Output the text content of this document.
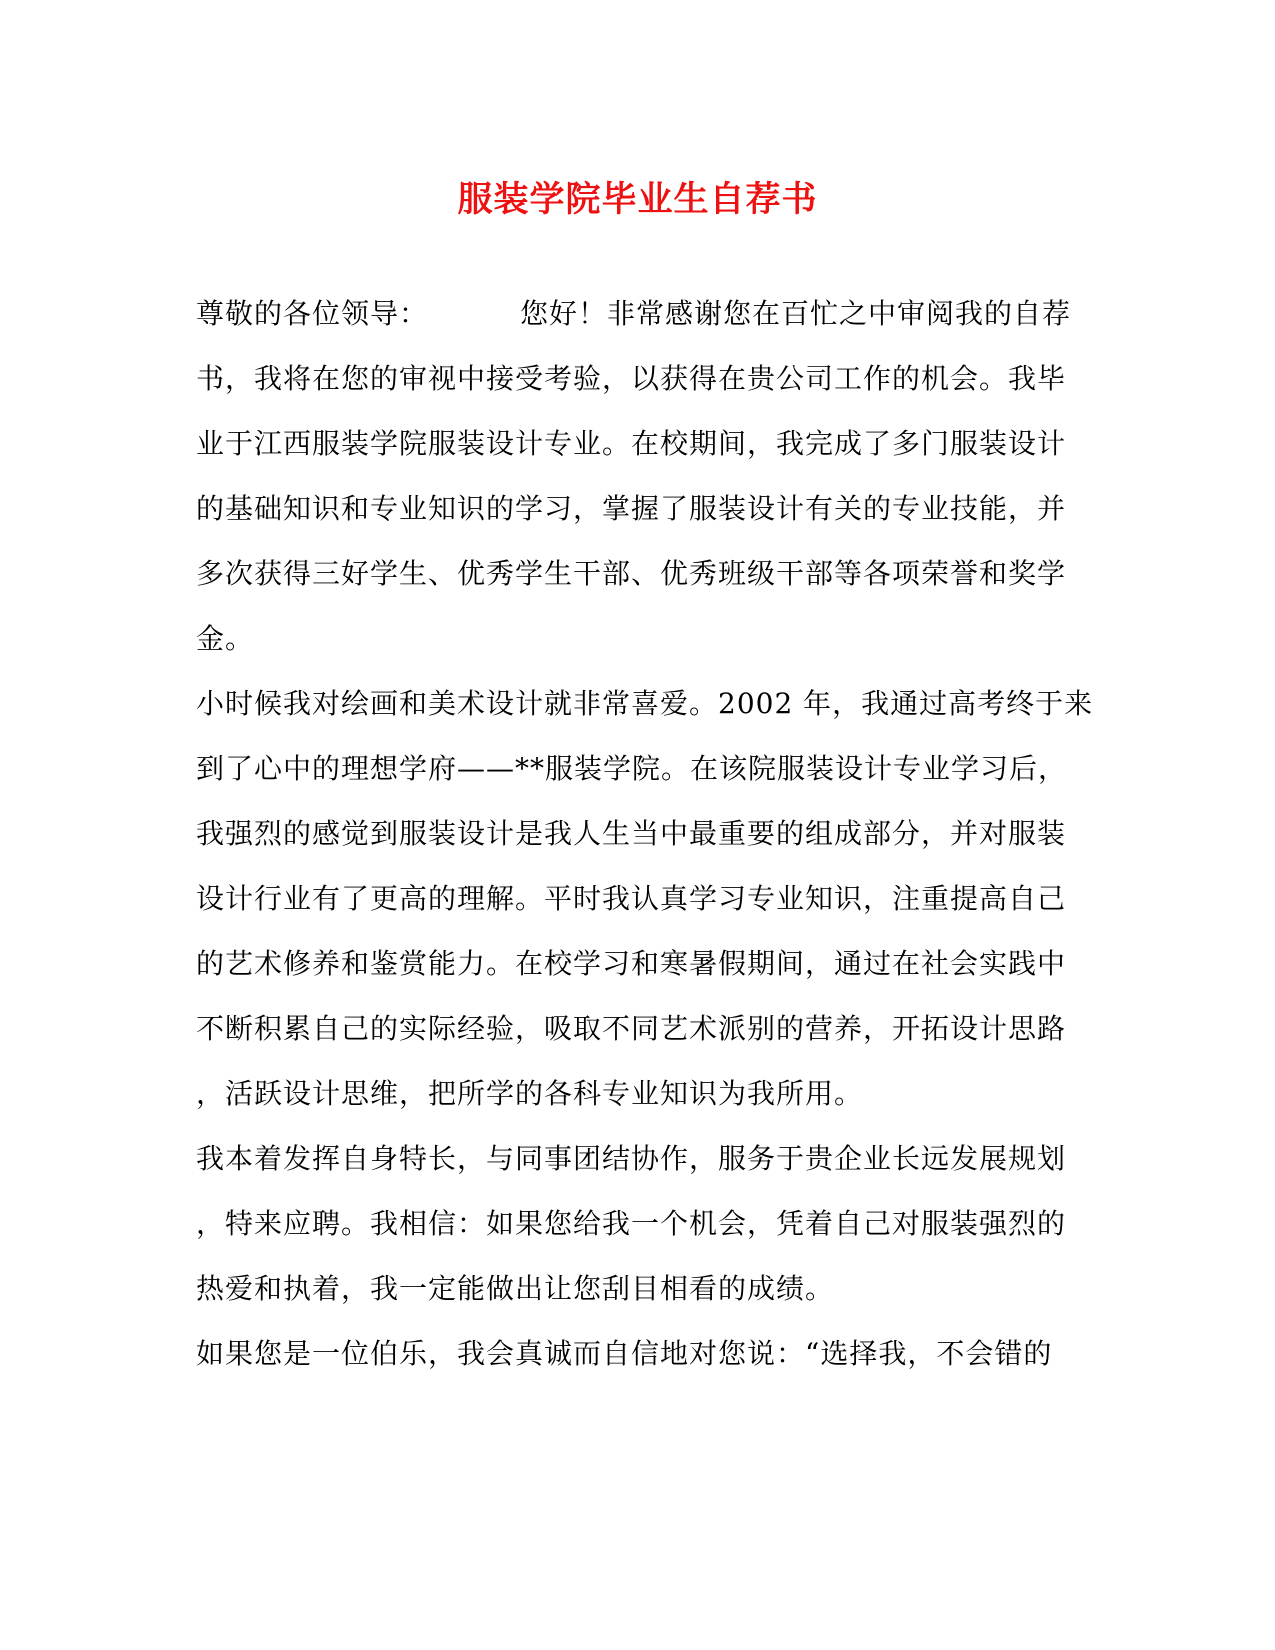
服装学院毕业生自荐书
尊敬的各位领导：	您好！非常感谢您在百忙之中审阅我的自荐
书，我将在您的审视中接受考验，以获得在贵公司工作的机会。我毕
业于江西服装学院服装设计专业。在校期间，我完成了多门服装设计
的基础知识和专业知识的学习，掌握了服装设计有关的专业技能，并
多次获得三好学生、优秀学生干部、优秀班级干部等各项荣誉和奖学
金。
小时候我对绘画和美术设计就非常喜爱。2002 年，我通过高考终于来
到了心中的理想学府——**服装学院。在该院服装设计专业学习后，
我强烈的感觉到服装设计是我人生当中最重要的组成部分，并对服装
设计行业有了更高的理解。平时我认真学习专业知识，注重提高自己
的艺术修养和鉴赏能力。在校学习和寒暑假期间，通过在社会实践中
不断积累自己的实际经验，吸取不同艺术派别的营养，开拓设计思路
，活跃设计思维，把所学的各科专业知识为我所用。
我本着发挥自身特长，与同事团结协作，服务于贵企业长远发展规划
，特来应聘。我相信：如果您给我一个机会，凭着自己对服装强烈的
热爱和执着，我一定能做出让您刮目相看的成绩。
如果您是一位伯乐，我会真诚而自信地对您说：“选择我，不会错的
